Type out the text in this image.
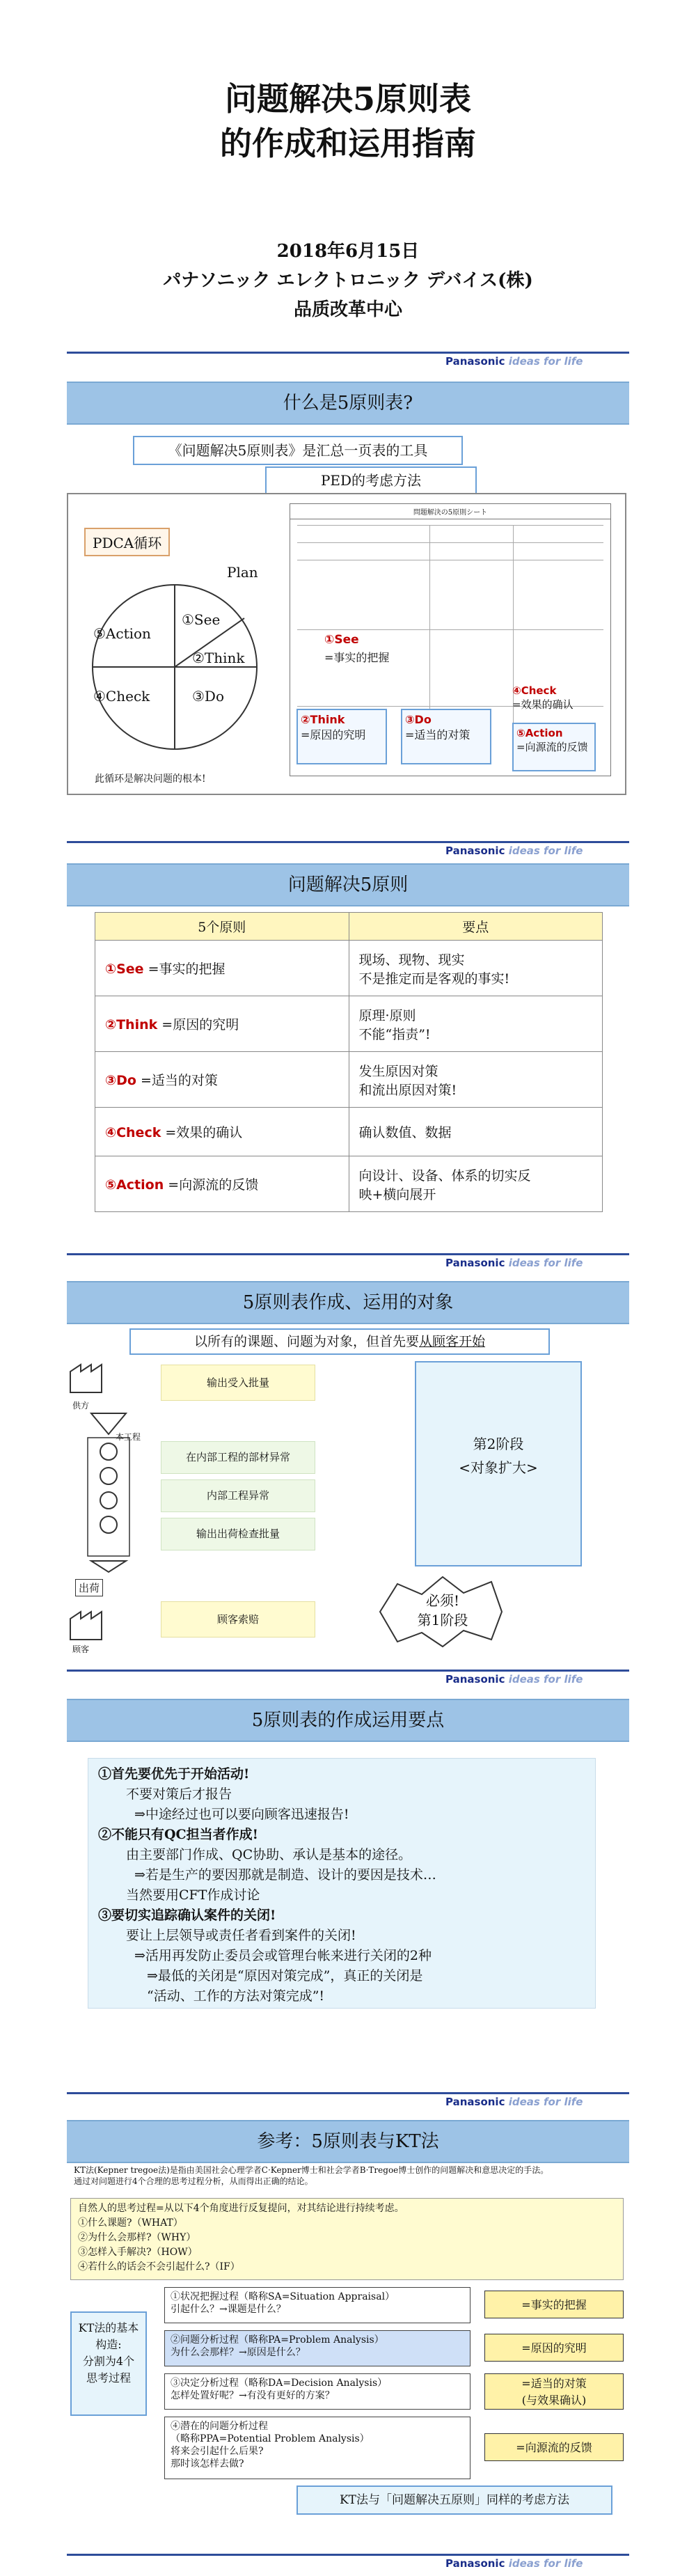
问题解决5原则表
的作成和运用指南
2018年6月15日
パナソニック エレクトロニック デバイス(株)
品质改革中心
Panasonic ideas for life
什么是5原则表?
《问题解决5原则表》是汇总一页表的工具
PED的考虑方法
PDCA循环
Plan
①See
②Think
⑤Action
④Check	③Do
此循环是解决问题的根本!
問題解決の5原則シート
①See
=事实的把握
②Think
=原因的究明
③Do
=适当的对策
④Check
=效果的确认
⑤Action
=向源流的反馈
Panasonic ideas for life
问题解决5原则
5个原则	要点
①See =事实的把握	现场、现物、现实
不是推定而是客观的事实!
②Think =原因的究明	原理·原则
不能“指责”!
③Do =适当的对策	发生原因对策
和流出原因对策!
④Check =效果的确认	确认数值、数据
⑤Action =向源流的反馈	向设计、设备、体系的切实反
映+横向展开
Panasonic ideas for life
5原则表作成、运用的对象
以所有的课题、问题为对象，但首先要从顾客开始
供方
本工程
出荷
顾客
输出受入批量
在内部工程的部材异常
内部工程异常
输出出荷检查批量
顾客索赔
第2阶段
<对象扩大>
必须!
第1阶段
Panasonic ideas for life
5原则表的作成运用要点
①首先要优先于开始活动!
不要对策后才报告
⇒中途经过也可以要向顾客迅速报告!
②不能只有QC担当者作成!
由主要部门作成、QC协助、承认是基本的途径。
⇒若是生产的要因那就是制造、设计的要因是技术…
当然要用CFT作成讨论
③要切实追踪确认案件的关闭!
要让上层领导或责任者看到案件的关闭!
⇒活用再发防止委员会或管理台帐来进行关闭的2种
⇒最低的关闭是“原因对策完成”，真正的关闭是
“活动、工作的方法对策完成”!
Panasonic ideas for life
参考：5原则表与KT法
KT法(Kepner tregoe法)是指由美国社会心理学者C·Kepner博士和社会学者B·Tregoe博士创作的问题解决和意思决定的手法。
通过对问题进行4个合理的思考过程分析，从而得出正确的结论。
自然人的思考过程=从以下4个角度进行反复提问，对其结论进行持续考虑。
①什么课题?（WHAT）
②为什么会那样?（WHY）
③怎样入手解决?（HOW）
④若什么的话会不会引起什么?（IF）
KT法的基本
构造:
分割为4个
思考过程
①状况把握过程（略称SA=Situation Appraisal）
引起什么？→课题是什么？	=事实的把握
②问题分析过程（略称PA=Problem Analysis）
为什么会那样？→原因是什么？	=原因的究明
③决定分析过程（略称DA=Decision Analysis）
怎样处置好呢？→有没有更好的方案？
=适当的对策
(与效果确认)
④潜在的问题分析过程
（略称PPA=Potential Problem Analysis）
将来会引起什么后果?
那时该怎样去做?
=向源流的反馈
KT法与「问题解决五原则」同样的考虑方法
Panasonic ideas for life
